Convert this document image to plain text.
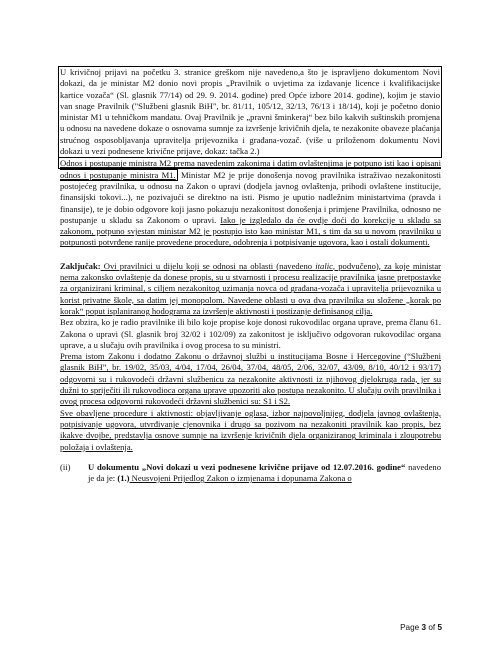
U krivičnoj prijavi na početku 3. stranice greškom nije navedeno,a što je ispravljeno dokumentom Novi dokazi, da je ministar M2 donio novi propis „Pravilnik o uvjetima za izdavanje licence i kvalifikacijske kartice vozača“ (Sl. glasnik 77/14) od 29. 9. 2014. godine) pred Opće izbore 2014. godine), kojim je stavio van snage Pravilnik ("Službeni glasnik BiH", br. 81/11, 105/12, 32/13, 76/13 i 18/14), koji je početno donio ministar M1 u tehničkom mandatu. Ovaj Pravilnik je „pravni šminkeraj“ bez bilo kakvih suštinskih promjena u odnosu na navedene dokaze o osnovama sumnje za izvršenje krivičnih djela, te nezakonite obaveze plaćanja strućnog osposobljavanja upravitelja prijevoznika i građana-vozač. (više u priloženom dokumentu Novi dokazi u vezi podnesene krivične prijave, dokaz: tačka 2.)

Odnos i postupanje ministra M2 prema navedenim zakonima i datim ovlaštenjima je potpuno isti kao i opisani odnos i postupanje ministra M1. Ministar M2 je prije donošenja novog pravilnika istraživao nezakonitosti postojećeg pravilnika, u odnosu na Zakon o upravi (dodjela javnog ovlaštenja, prihodi ovlaštene institucije, finansijski tokovi...), ne pozivajući se direktno na isti. Pismo je uputio nadležnim ministartvima (pravda i finansije), te je dobio odgovore koji jasno pokazuju nezakonitost donošenja i primjene Pravilnika, odnosno ne postupanje u skladu sa Zakonom o upravi. Iako je izgledalo da će ovdje doći do korekcije u skladu sa zakonom, potpuno svjestan ministar M2 je postupio isto kao ministar M1, s tim da su u novom pravilniku u potpunosti potvrđene ranije provedene procedure, odobrenja i potpisivanje ugovora, kao i ostali dokumenti.

Zaključak: Ovi pravilnici u dijelu koji se odnosi na oblasti (navedeno italic, podvučeno), za koje ministar nema zakonsko ovlaštenje da donese propis, su u stvarnosti i procesu realizacije pravilnika jasne pretpostavke za organizirani kriminal, s ciljem nezakonitog uzimanja novca od građana-vozača i upravitelja prijevoznika u korist privatne škole, sa datim jej monopolom. Navedene oblasti u ova dva pravilnika su složene „korak po korak“ poput isplaniranog hodograma za izvršenje aktivnosti i postizanje definisanog cilja.

Bez obzira, ko je radio pravilnike ili bilo koje propise koje donosi rukovodilac organa uprave, prema članu 61. Zakona o upravi (Sl. glasnik broj 32/02 i 102/09) za zakonitost je isključivo odgovoran rukovodilac organa uprave, a u slučaju ovih pravilnika i ovog procesa to su ministri.

Prema istom Zakonu i dodatno Zakonu o državnoj službi u institucijama Bosne i Hercegovine (“Službeni glasnik BiH”, br. 19/02, 35/03, 4/04, 17/04, 26/04, 37/04, 48/05, 2/06, 32/07, 43/09, 8/10, 40/12 i 93/17) odgovorni su i rukovodeći državni službenicu za nezakonite aktivnosti iz njihovog djelokruga rada, jer su dužni to spriječiti ili rukovodioca organa uprave upozoriti ako postupa nezakonito. U slučaju ovih pravilnika i ovog procesa odgovorni rukovodeći državni službenici su: S1 i S2.

Sve obavljene procedure i aktivnosti: objavljivanje oglasa, izbor najpovoljnijeg, dodjela javnog ovlaštenja, potpisivanje ugovora, utvrđivanje cjenovnika i drugo sa pozivom na nezakoniti pravilnik kao propis, bez ikakve dvojbe, predstavlja osnove sumnje na izvršenje krivičnih djela organiziranog kriminala i zloupotrebu položaja i ovlaštenja.

(ii)	U dokumentu „Novi dokazi u vezi podnesene krivične prijave od 12.07.2016. godine“ navedeno je da je: (1.) Neusvojeni Prijedlog Zakon o izmjenama i dopunama Zakona o

Page 3 of 5
